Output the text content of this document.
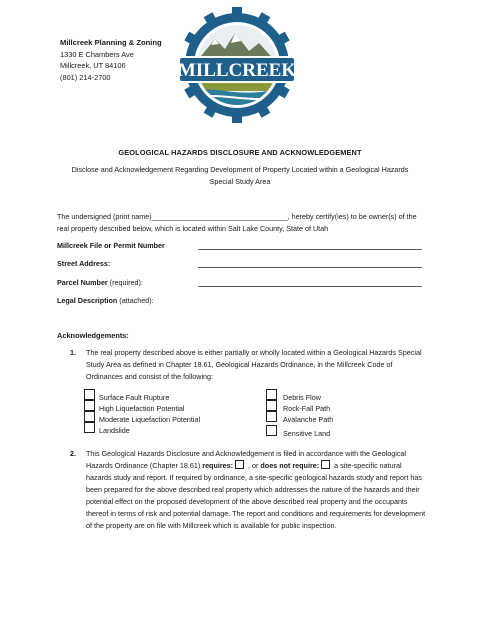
Millcreek Planning & Zoning
1330 E Chambers Ave
Millcreek, UT 84106
(801) 214-2700	MILLCREEK
GEOLOGICAL HAZARDS DISCLOSURE AND ACKNOWLEDGEMENT
Disclose and Acknowledgement Regarding Development of Property Located within a Geological Hazards Special Study Area
The undersigned (print name)__________________________________, hereby certify(ies) to be owner(s) of the real property described below, which is located within Salt Lake County, State of Utah
Millcreek File or Permit Number
Street Address:
Parcel Number (required):
Legal Description (attached):
Acknowledgements:
1. The real property described above is either partially or wholly located within a Geological Hazards Special Study Area as defined in Chapter 18.61, Geological Hazards Ordinance, in the Millcreek Code of Ordinances and consist of the following:
Surface Fault Rupture
High Liquefaction Potential
Moderate Liquefaction Potential
Landslide
Debris Flow
Rock-Fall Path
Avalanche Path
Sensitive Land
2. This Geological Hazards Disclosure and Acknowledgement is filed in accordance with the Geological Hazards Ordinance (Chapter 18.61) requires: , or does not require: a site-specific natural hazards study and report. If required by ordinance, a site-specific geological hazards study and report has been prepared for the above described real property which addresses the nature of the hazards and their potential effect on the proposed development of the above described real property and the occupants thereof in terms of risk and potential damage. The report and conditions and requirements for development of the property are on file with Millcreek which is available for public inspection.
